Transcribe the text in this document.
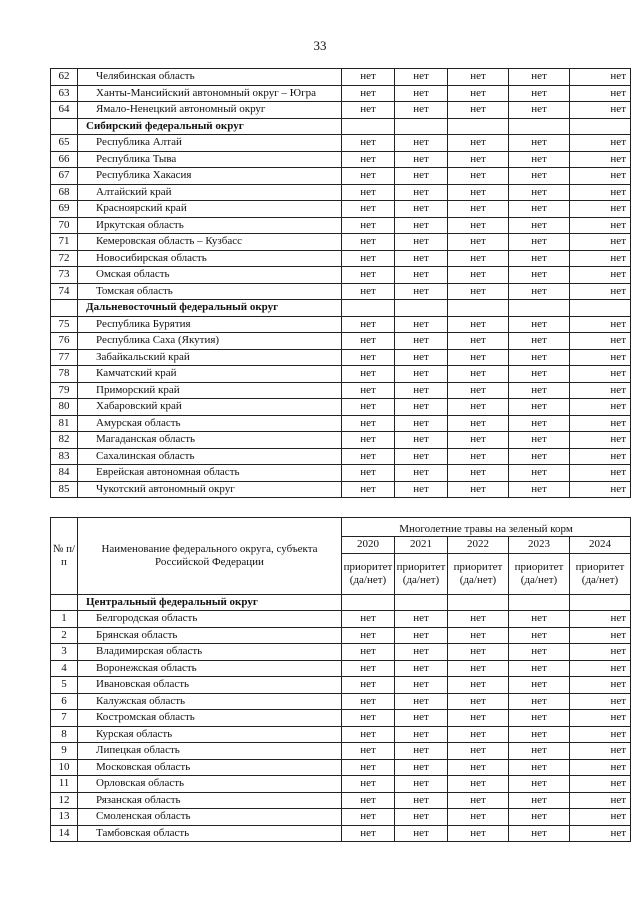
33
62	Челябинская область	нет	нет	нет	нет	нет
63	Ханты-Мансийский автономный округ – Югра	нет	нет	нет	нет	нет
64	Ямало-Ненецкий автономный округ	нет	нет	нет	нет	нет
	Сибирский федеральный округ					
65	Республика Алтай	нет	нет	нет	нет	нет
66	Республика Тыва	нет	нет	нет	нет	нет
67	Республика Хакасия	нет	нет	нет	нет	нет
68	Алтайский край	нет	нет	нет	нет	нет
69	Красноярский край	нет	нет	нет	нет	нет
70	Иркутская область	нет	нет	нет	нет	нет
71	Кемеровская область – Кузбасс	нет	нет	нет	нет	нет
72	Новосибирская область	нет	нет	нет	нет	нет
73	Омская область	нет	нет	нет	нет	нет
74	Томская область	нет	нет	нет	нет	нет
	Дальневосточный федеральный округ					
75	Республика Бурятия	нет	нет	нет	нет	нет
76	Республика Саха (Якутия)	нет	нет	нет	нет	нет
77	Забайкальский край	нет	нет	нет	нет	нет
78	Камчатский край	нет	нет	нет	нет	нет
79	Приморский край	нет	нет	нет	нет	нет
80	Хабаровский край	нет	нет	нет	нет	нет
81	Амурская область	нет	нет	нет	нет	нет
82	Магаданская область	нет	нет	нет	нет	нет
83	Сахалинская область	нет	нет	нет	нет	нет
84	Еврейская автономная область	нет	нет	нет	нет	нет
85	Чукотский автономный округ	нет	нет	нет	нет	нет
№ п/п	Наименование федерального округа, субъекта Российской Федерации	Многолетние травы на зеленый корм				
		2020	2021	2022	2023	2024
		приоритет (да/нет)	приоритет (да/нет)	приоритет (да/нет)	приоритет (да/нет)	приоритет (да/нет)
	Центральный федеральный округ					
1	Белгородская область	нет	нет	нет	нет	нет
2	Брянская область	нет	нет	нет	нет	нет
3	Владимирская область	нет	нет	нет	нет	нет
4	Воронежская область	нет	нет	нет	нет	нет
5	Ивановская область	нет	нет	нет	нет	нет
6	Калужская область	нет	нет	нет	нет	нет
7	Костромская область	нет	нет	нет	нет	нет
8	Курская область	нет	нет	нет	нет	нет
9	Липецкая область	нет	нет	нет	нет	нет
10	Московская область	нет	нет	нет	нет	нет
11	Орловская область	нет	нет	нет	нет	нет
12	Рязанская область	нет	нет	нет	нет	нет
13	Смоленская область	нет	нет	нет	нет	нет
14	Тамбовская область	нет	нет	нет	нет	нет
